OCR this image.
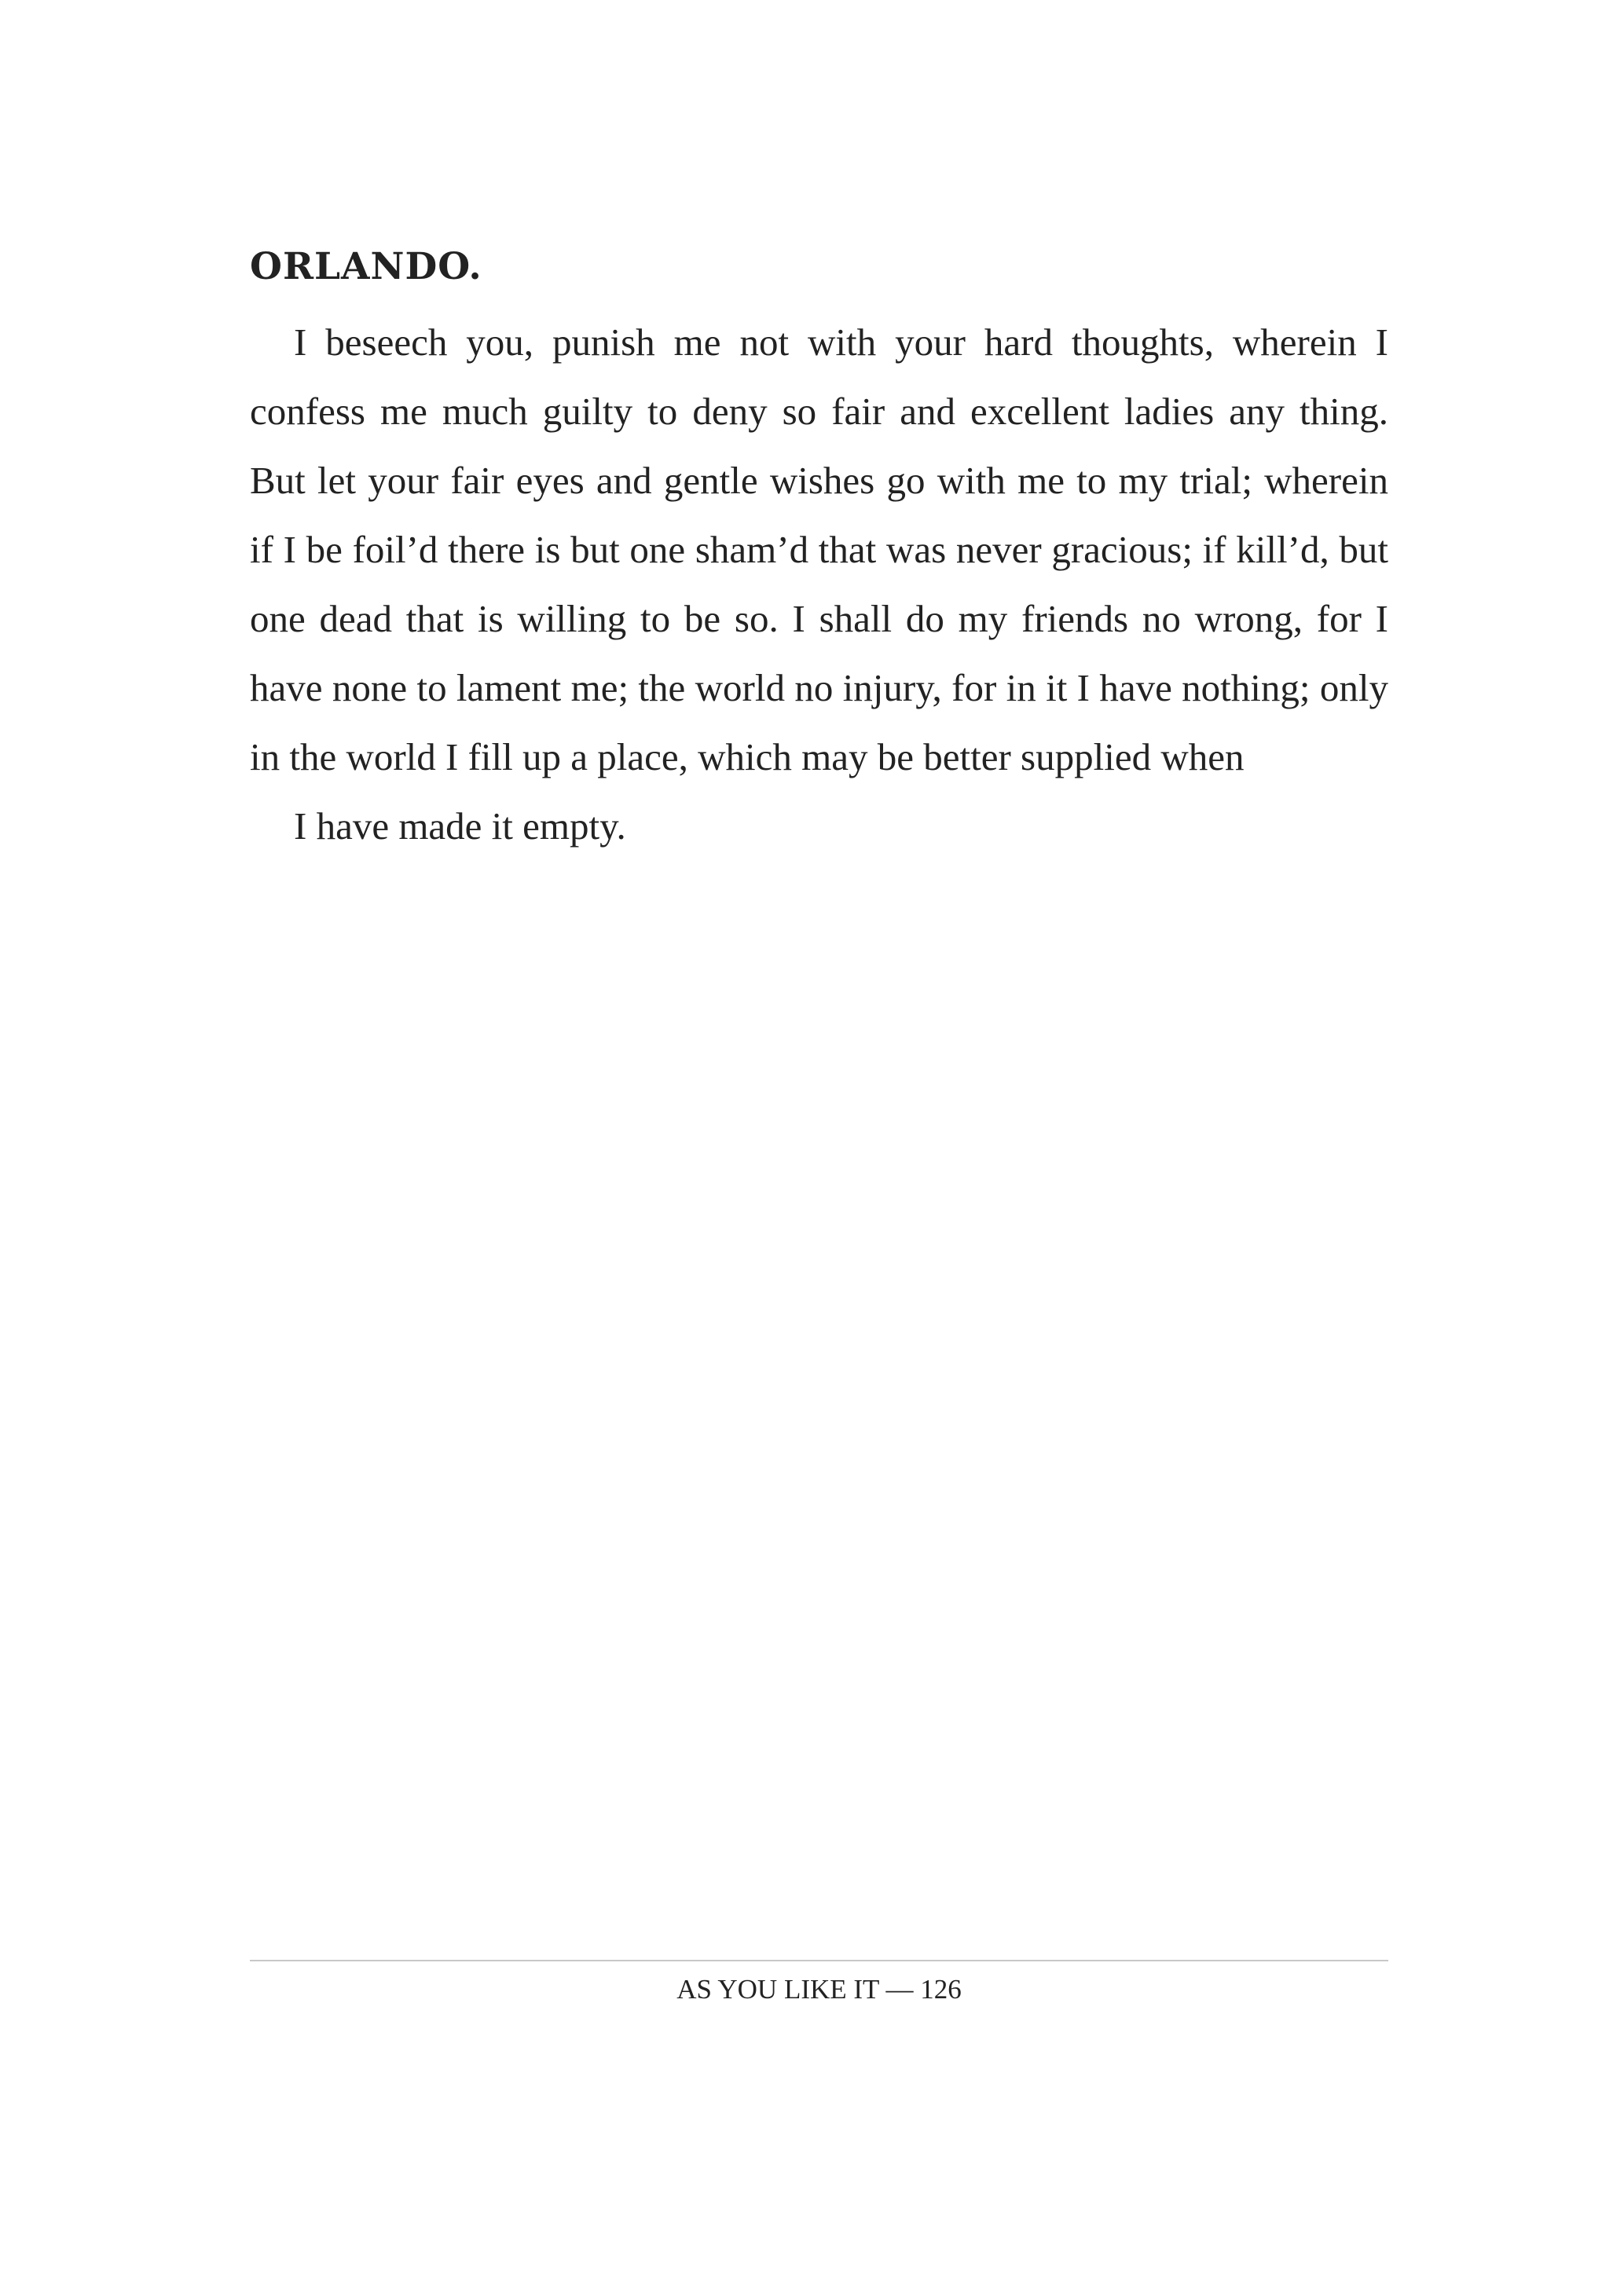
ORLANDO.

I beseech you, punish me not with your hard thoughts, wherein I confess me much guilty to deny so fair and excellent ladies any thing. But let your fair eyes and gentle wishes go with me to my trial; wherein if I be foil’d there is but one sham’d that was never gracious; if kill’d, but one dead that is willing to be so. I shall do my friends no wrong, for I have none to lament me; the world no injury, for in it I have nothing; only in the world I fill up a place, which may be better supplied when

I have made it empty.

AS YOU LIKE IT — 126
